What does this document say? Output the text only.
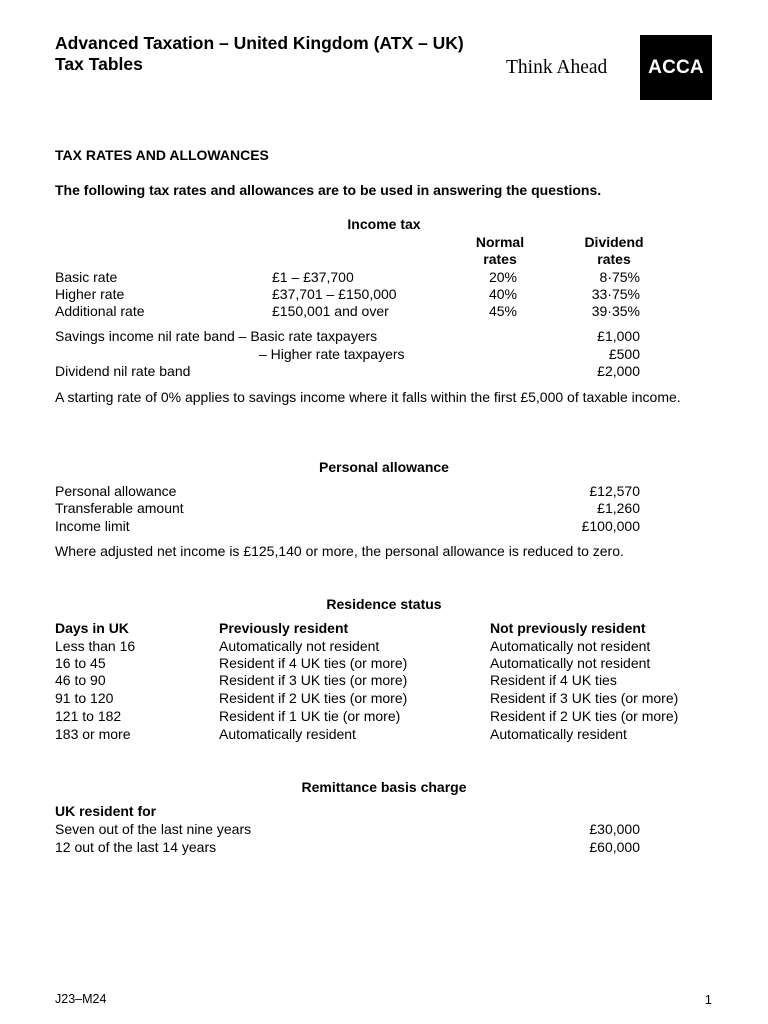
Advanced Taxation – United Kingdom (ATX – UK)
Tax Tables	Think Ahead	ACCA
TAX RATES AND ALLOWANCES
The following tax rates and allowances are to be used in answering the questions.
Income tax
Normal
rates
Dividend
rates
Basic rate	£1 – £37,700	20%	8·75%
Higher rate	£37,701 – £150,000	40%	33·75%
Additional rate	£150,001 and over	45%	39·35%
Savings income nil rate band – Basic rate taxpayers	£1,000
– Higher rate taxpayers	£500
Dividend nil rate band	£2,000
A starting rate of 0% applies to savings income where it falls within the first £5,000 of taxable income.
Personal allowance
Personal allowance	£12,570
Transferable amount	£1,260
Income limit	£100,000
Where adjusted net income is £125,140 or more, the personal allowance is reduced to zero.
Residence status
Days in UK	Previously resident	Not previously resident
Less than 16	Automatically not resident	Automatically not resident
16 to 45	Resident if 4 UK ties (or more)	Automatically not resident
46 to 90	Resident if 3 UK ties (or more)	Resident if 4 UK ties
91 to 120	Resident if 2 UK ties (or more)	Resident if 3 UK ties (or more)
121 to 182	Resident if 1 UK tie (or more)	Resident if 2 UK ties (or more)
183 or more	Automatically resident	Automatically resident
Remittance basis charge
UK resident for
Seven out of the last nine years	£30,000
12 out of the last 14 years	£60,000
J23–M24	1
